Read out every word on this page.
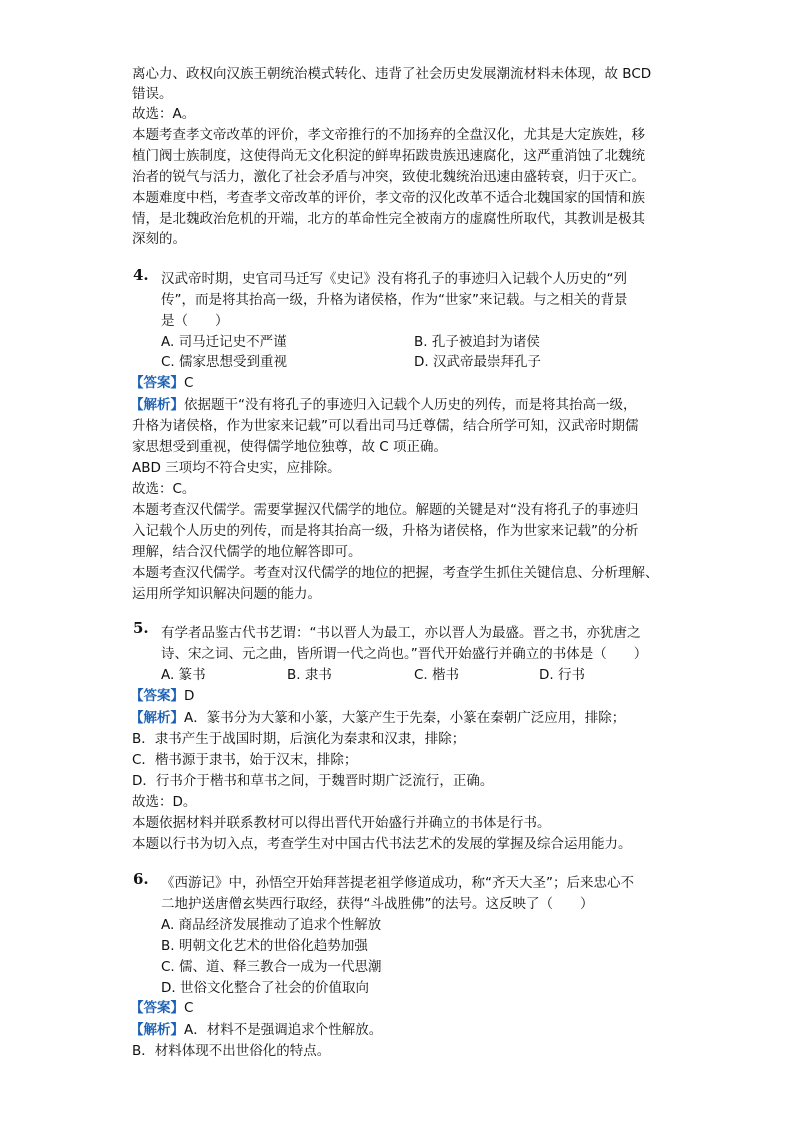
离心力、政权向汉族王朝统治模式转化、违背了社会历史发展潮流材料未体现，故 BCD
错误。
故选：A。
本题考查孝文帝改革的评价，孝文帝推行的不加扬弃的全盘汉化，尤其是大定族姓，移
植门阀士族制度，这使得尚无文化积淀的鲜卑拓跋贵族迅速腐化，这严重消蚀了北魏统
治者的锐气与活力，激化了社会矛盾与冲突，致使北魏统治迅速由盛转衰，归于灭亡。
本题难度中档，考查孝文帝改革的评价，孝文帝的汉化改革不适合北魏国家的国情和族
情，是北魏政治危机的开端，北方的革命性完全被南方的虚腐性所取代，其教训是极其
深刻的。
4. 汉武帝时期，史官司马迁写《史记》没有将孔子的事迹归入记载个人历史的“列
传”，而是将其抬高一级，升格为诸侯格，作为“世家”来记载。与之相关的背景
是（　　）
A. 司马迁记史不严谨	B. 孔子被追封为诸侯
C. 儒家思想受到重视	D. 汉武帝最崇拜孔子
【答案】C
【解析】依据题干“没有将孔子的事迹归入记载个人历史的列传，而是将其抬高一级，
升格为诸侯格，作为世家来记载”可以看出司马迁尊儒，结合所学可知，汉武帝时期儒
家思想受到重视，使得儒学地位独尊，故 C 项正确。
ABD 三项均不符合史实，应排除。
故选：C。
本题考查汉代儒学。需要掌握汉代儒学的地位。解题的关键是对“没有将孔子的事迹归
入记载个人历史的列传，而是将其抬高一级，升格为诸侯格，作为世家来记载”的分析
理解，结合汉代儒学的地位解答即可。
本题考查汉代儒学。考查对汉代儒学的地位的把握，考查学生抓住关键信息、分析理解、
运用所学知识解决问题的能力。
5. 有学者品鉴古代书艺谓：“书以晋人为最工，亦以晋人为最盛。晋之书，亦犹唐之
诗、宋之词、元之曲，皆所谓一代之尚也。”晋代开始盛行并确立的书体是（　　）
A. 篆书	B. 隶书	C. 楷书	D. 行书
【答案】D
【解析】A．篆书分为大篆和小篆，大篆产生于先秦，小篆在秦朝广泛应用，排除；
B．隶书产生于战国时期，后演化为秦隶和汉隶，排除；
C．楷书源于隶书，始于汉末，排除；
D．行书介于楷书和草书之间，于魏晋时期广泛流行，正确。
故选：D。
本题依据材料并联系教材可以得出晋代开始盛行并确立的书体是行书。
本题以行书为切入点，考查学生对中国古代书法艺术的发展的掌握及综合运用能力。
6. 《西游记》中，孙悟空开始拜菩提老祖学修道成功，称“齐天大圣”；后来忠心不
二地护送唐僧玄奘西行取经，获得“斗战胜佛”的法号。这反映了（　　）
A. 商品经济发展推动了追求个性解放
B. 明朝文化艺术的世俗化趋势加强
C. 儒、道、释三教合一成为一代思潮
D. 世俗文化整合了社会的价值取向
【答案】C
【解析】A．材料不是强调追求个性解放。
B．材料体现不出世俗化的特点。
